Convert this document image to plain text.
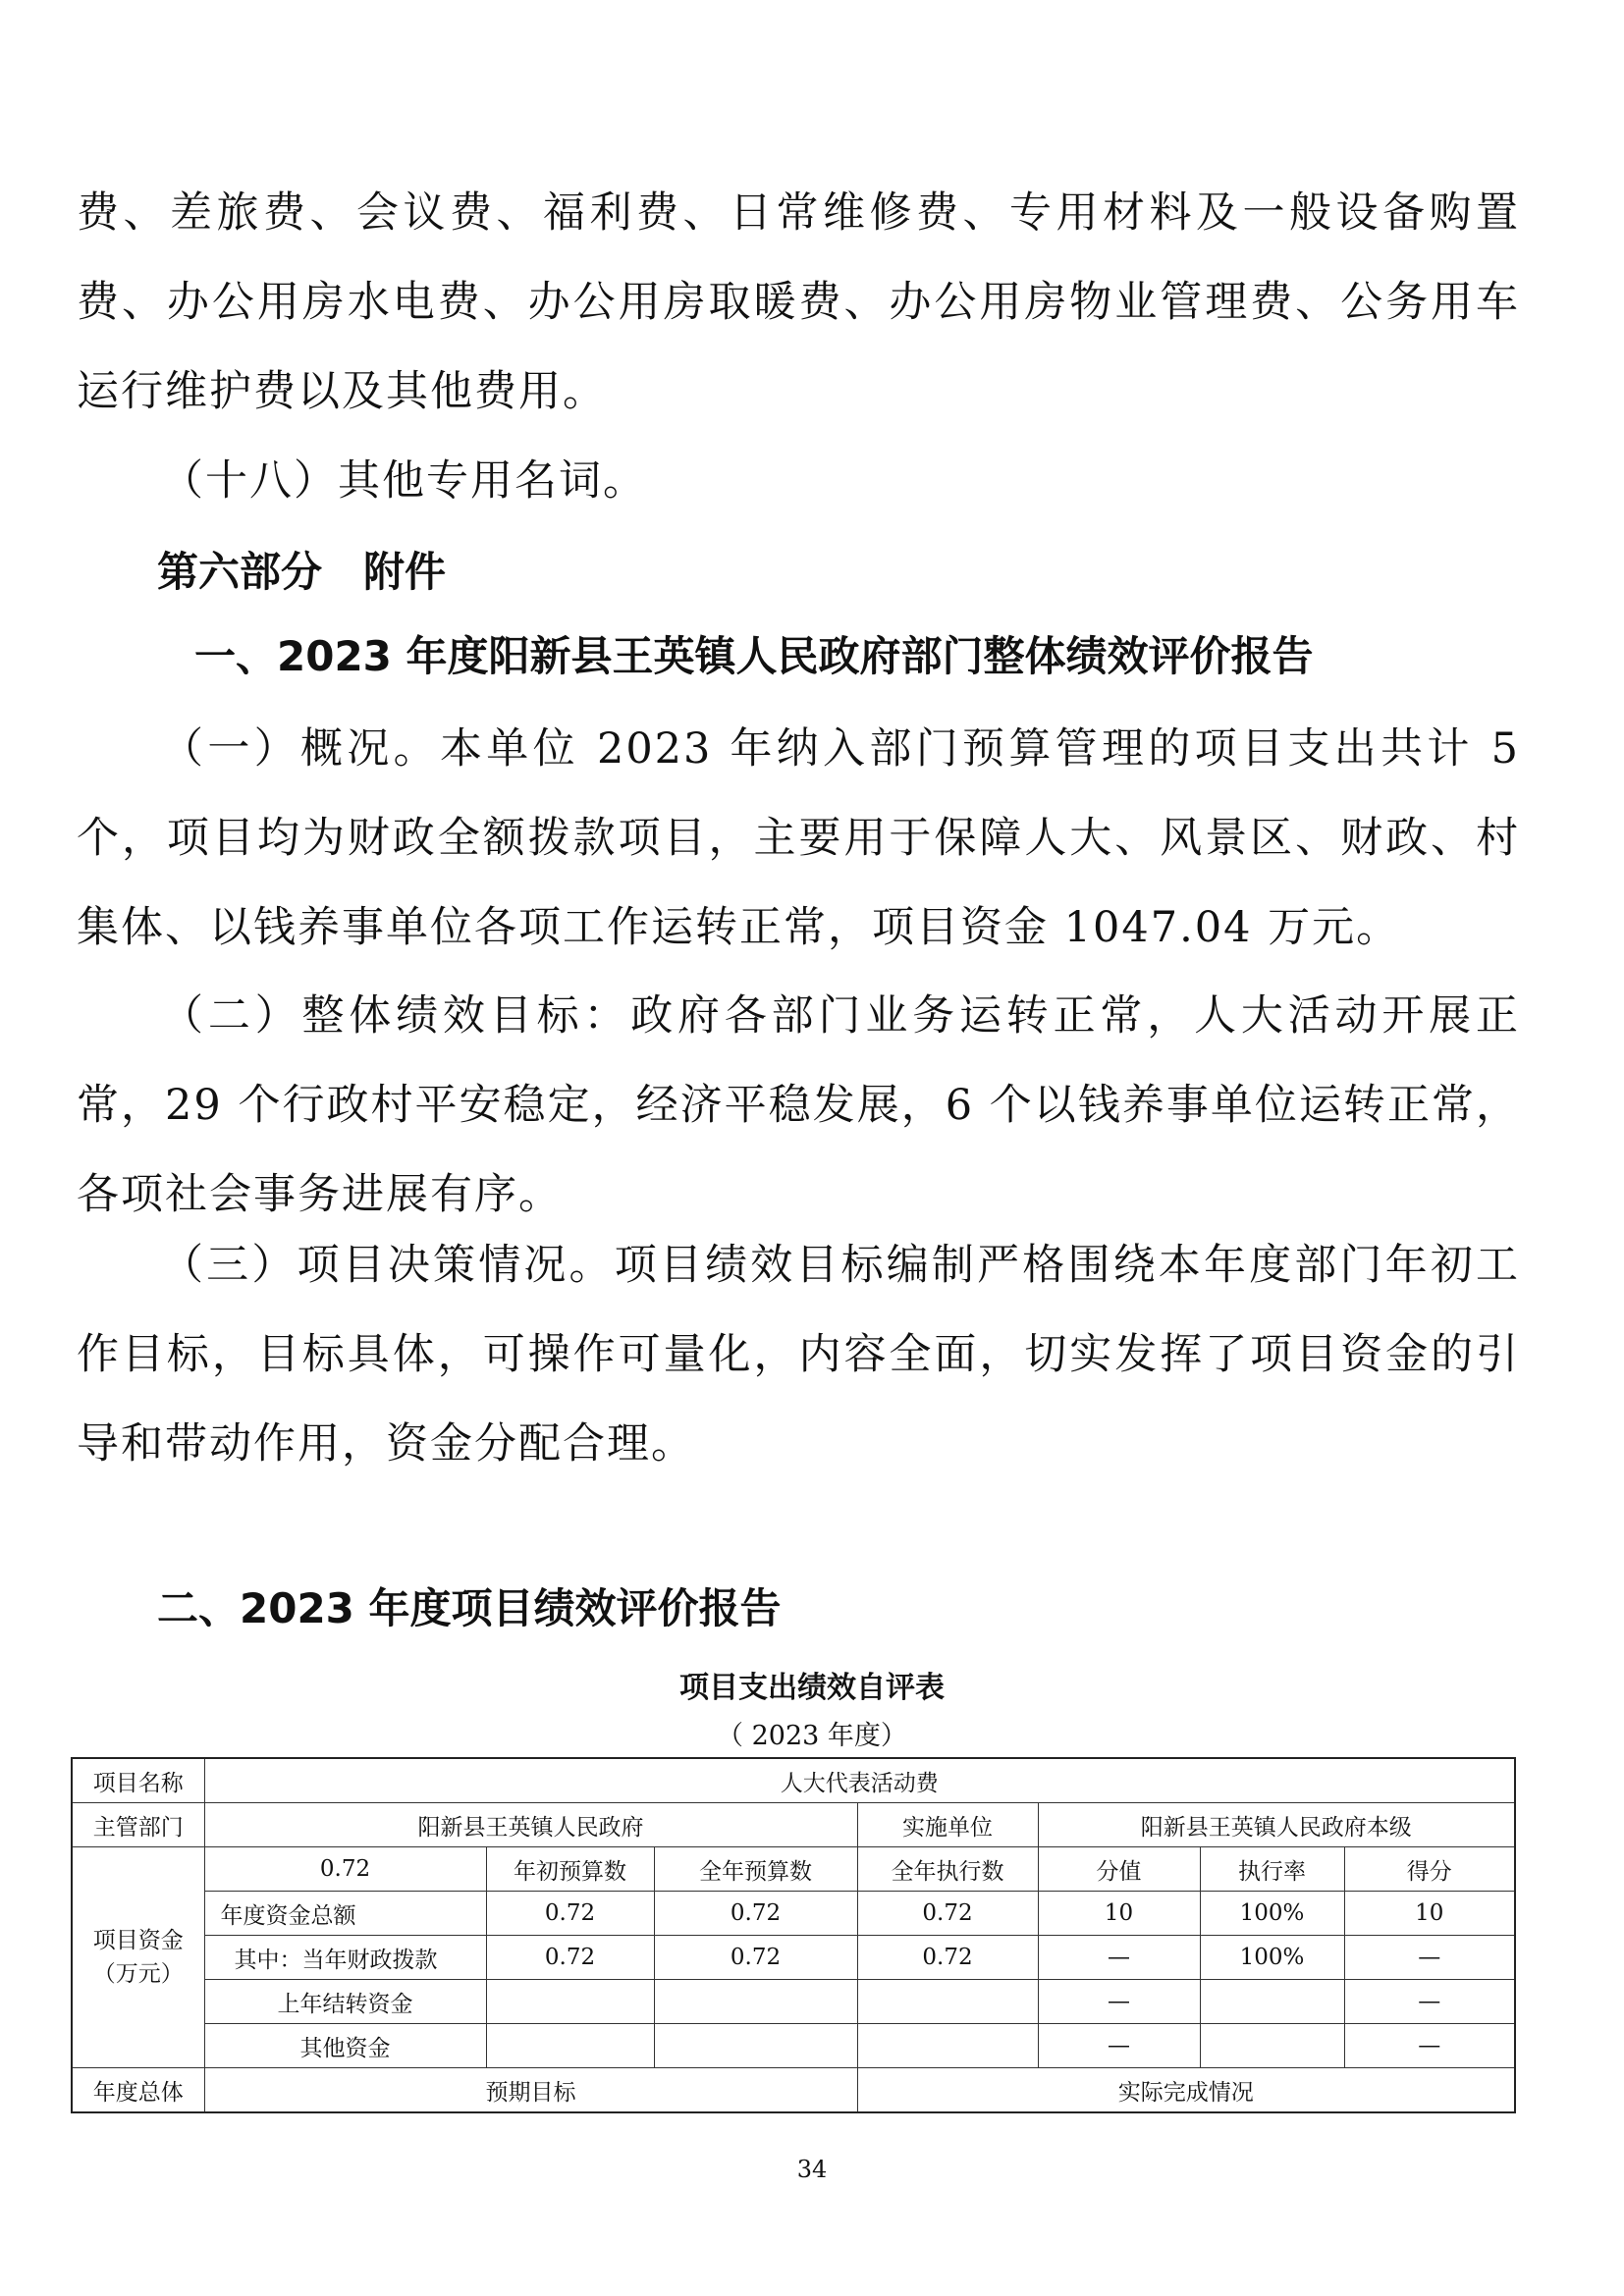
费、差旅费、会议费、福利费、日常维修费、专用材料及一般设备购置费、办公用房水电费、办公用房取暖费、办公用房物业管理费、公务用车运行维护费以及其他费用。

（十八）其他专用名词。

第六部分　附件

一、2023 年度阳新县王英镇人民政府部门整体绩效评价报告

（一）概况。本单位 2023 年纳入部门预算管理的项目支出共计 5 个，项目均为财政全额拨款项目，主要用于保障人大、风景区、财政、村集体、以钱养事单位各项工作运转正常，项目资金 1047.04 万元。

（二）整体绩效目标：政府各部门业务运转正常，人大活动开展正常，29 个行政村平安稳定，经济平稳发展，6 个以钱养事单位运转正常，各项社会事务进展有序。

（三）项目决策情况。项目绩效目标编制严格围绕本年度部门年初工作目标，目标具体，可操作可量化，内容全面，切实发挥了项目资金的引导和带动作用，资金分配合理。

二、2023 年度项目绩效评价报告

项目支出绩效自评表

（ 2023 年度）

项目名称	人大代表活动费						
主管部门	阳新县王英镇人民政府			实施单位	阳新县王英镇人民政府本级		
项目资金
（万元）	0.72	年初预算数	全年预算数	全年执行数	分值	执行率	得分
	年度资金总额	0.72	0.72	0.72	10	100%	10
	其中：当年财政拨款	0.72	0.72	0.72	—	100%	—
	上年结转资金				—		—
	其他资金				—		—
年度总体	预期目标			实际完成情况			

34
